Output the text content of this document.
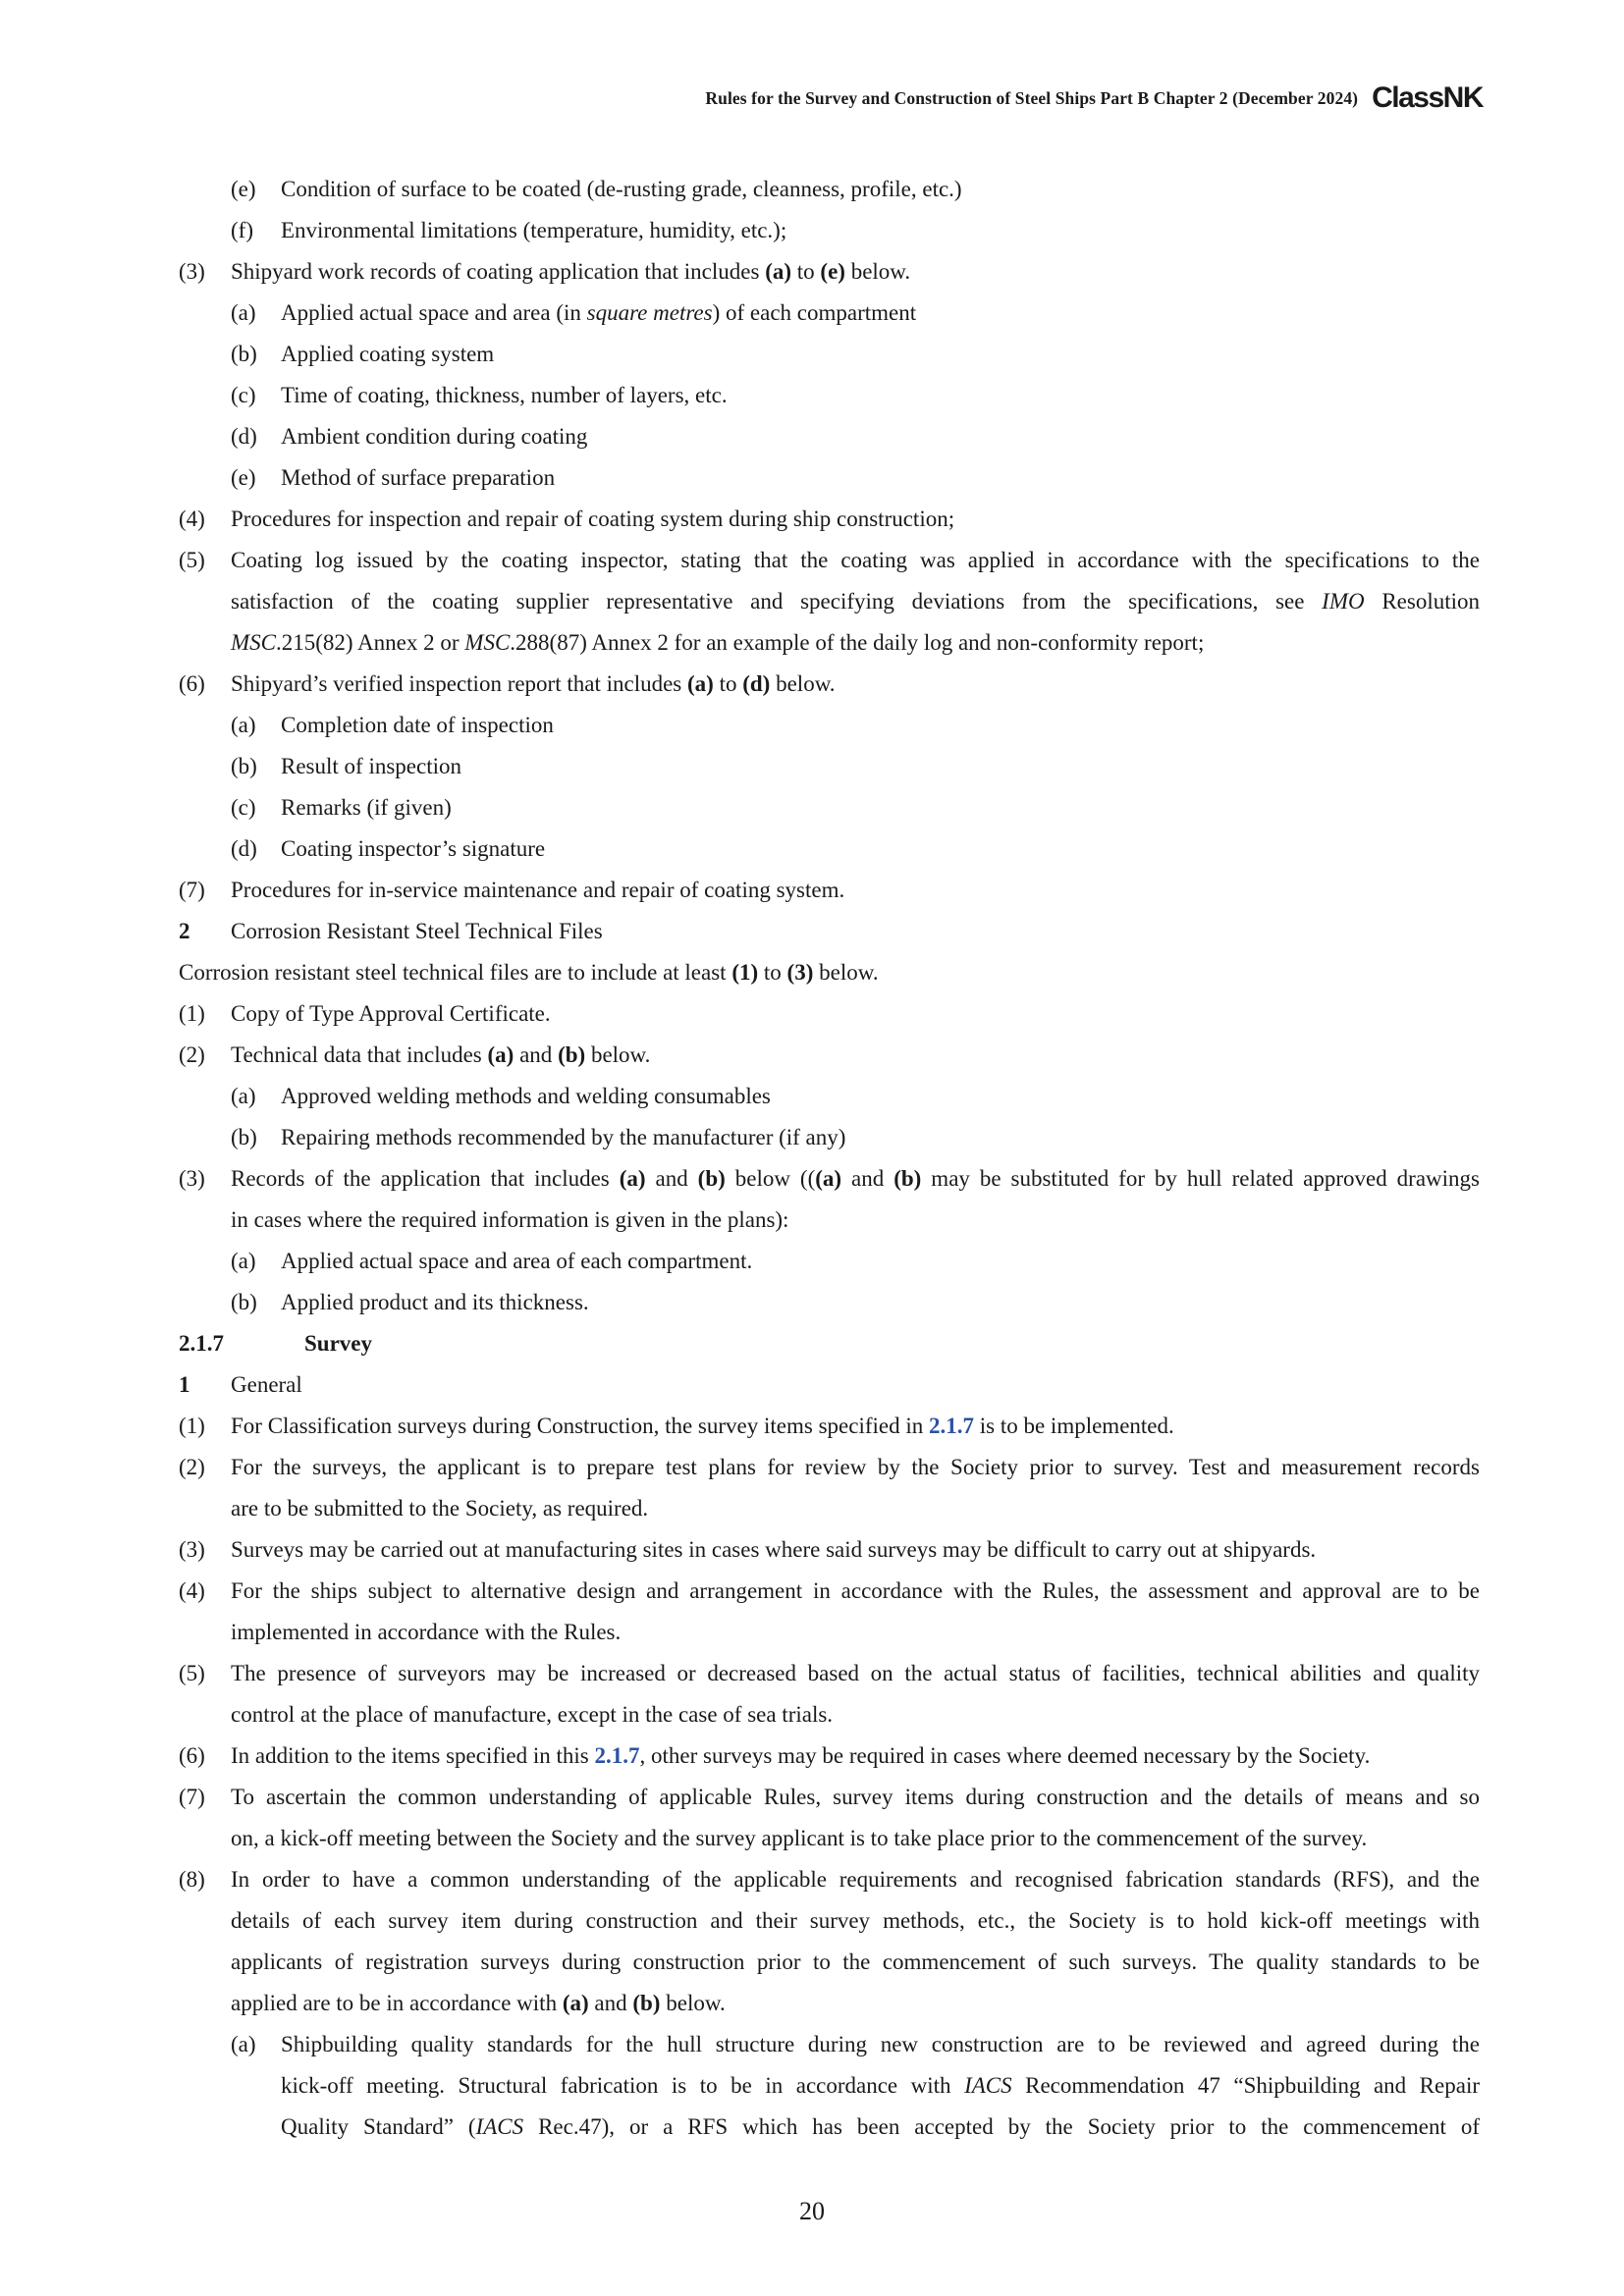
Rules for the Survey and Construction of Steel Ships Part B Chapter 2 (December 2024) ClassNK
(e) Condition of surface to be coated (de-rusting grade, cleanness, profile, etc.)
(f) Environmental limitations (temperature, humidity, etc.);
(3) Shipyard work records of coating application that includes (a) to (e) below.
(a) Applied actual space and area (in square metres) of each compartment
(b) Applied coating system
(c) Time of coating, thickness, number of layers, etc.
(d) Ambient condition during coating
(e) Method of surface preparation
(4) Procedures for inspection and repair of coating system during ship construction;
(5) Coating log issued by the coating inspector, stating that the coating was applied in accordance with the specifications to the
satisfaction of the coating supplier representative and specifying deviations from the specifications, see IMO Resolution
MSC.215(82) Annex 2 or MSC.288(87) Annex 2 for an example of the daily log and non-conformity report;
(6) Shipyard’s verified inspection report that includes (a) to (d) below.
(a) Completion date of inspection
(b) Result of inspection
(c) Remarks (if given)
(d) Coating inspector’s signature
(7) Procedures for in-service maintenance and repair of coating system.
2 Corrosion Resistant Steel Technical Files
Corrosion resistant steel technical files are to include at least (1) to (3) below.
(1) Copy of Type Approval Certificate.
(2) Technical data that includes (a) and (b) below.
(a) Approved welding methods and welding consumables
(b) Repairing methods recommended by the manufacturer (if any)
(3) Records of the application that includes (a) and (b) below (((a) and (b) may be substituted for by hull related approved drawings
in cases where the required information is given in the plans):
(a) Applied actual space and area of each compartment.
(b) Applied product and its thickness.
2.1.7	Survey
1 General
(1) For Classification surveys during Construction, the survey items specified in 2.1.7 is to be implemented.
(2) For the surveys, the applicant is to prepare test plans for review by the Society prior to survey. Test and measurement records
are to be submitted to the Society, as required.
(3) Surveys may be carried out at manufacturing sites in cases where said surveys may be difficult to carry out at shipyards.
(4) For the ships subject to alternative design and arrangement in accordance with the Rules, the assessment and approval are to be
implemented in accordance with the Rules.
(5) The presence of surveyors may be increased or decreased based on the actual status of facilities, technical abilities and quality
control at the place of manufacture, except in the case of sea trials.
(6) In addition to the items specified in this 2.1.7, other surveys may be required in cases where deemed necessary by the Society.
(7) To ascertain the common understanding of applicable Rules, survey items during construction and the details of means and so
on, a kick-off meeting between the Society and the survey applicant is to take place prior to the commencement of the survey.
(8) In order to have a common understanding of the applicable requirements and recognised fabrication standards (RFS), and the
details of each survey item during construction and their survey methods, etc., the Society is to hold kick-off meetings with
applicants of registration surveys during construction prior to the commencement of such surveys. The quality standards to be
applied are to be in accordance with (a) and (b) below.
(a) Shipbuilding quality standards for the hull structure during new construction are to be reviewed and agreed during the
kick-off meeting. Structural fabrication is to be in accordance with IACS Recommendation 47 “Shipbuilding and Repair
Quality Standard” (IACS Rec.47), or a RFS which has been accepted by the Society prior to the commencement of
20
